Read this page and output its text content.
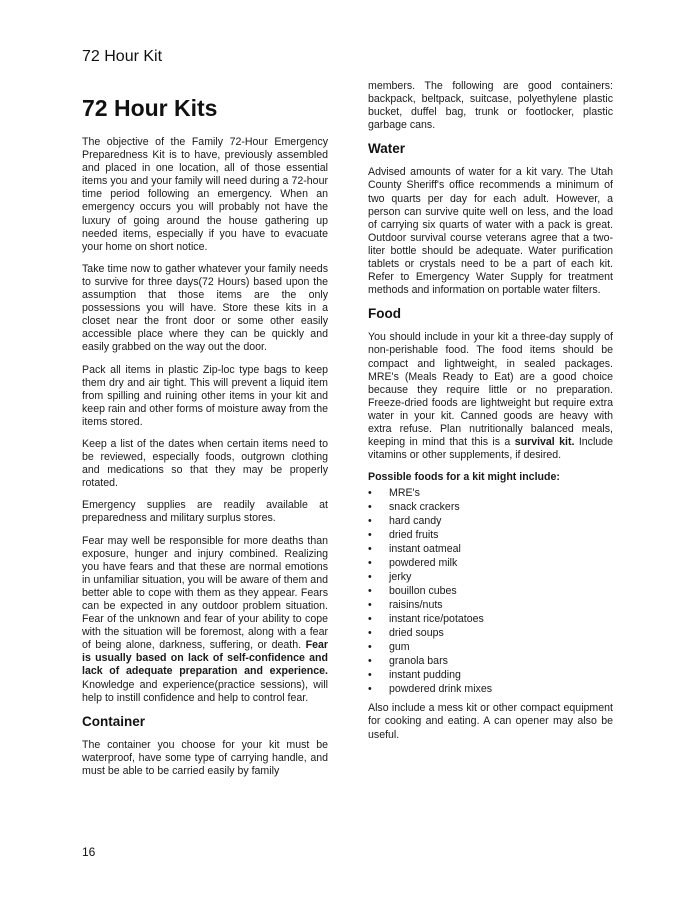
72 Hour Kit
72 Hour Kits

The objective of the Family 72-Hour Emergency Preparedness Kit is to have, previously assembled and placed in one location, all of those essential items you and your family will need during a 72-hour time period following an emergency. When an emergency occurs you will probably not have the luxury of going around the house gathering up needed items, especially if you have to evacuate your home on short notice.

Take time now to gather whatever your family needs to survive for three days(72 Hours) based upon the assumption that those items are the only possessions you will have. Store these kits in a closet near the front door or some other easily accessible place where they can be quickly and easily grabbed on the way out the door.

Pack all items in plastic Zip-loc type bags to keep them dry and air tight. This will prevent a liquid item from spilling and ruining other items in your kit and keep rain and other forms of moisture away from the items stored.

Keep a list of the dates when certain items need to be reviewed, especially foods, outgrown clothing and medications so that they may be properly rotated.

Emergency supplies are readily available at preparedness and military surplus stores.

Fear may well be responsible for more deaths than exposure, hunger and injury combined. Realizing you have fears and that these are normal emotions in unfamiliar situation, you will be aware of them and better able to cope with them as they appear. Fears can be expected in any outdoor problem situation. Fear of the unknown and fear of your ability to cope with the situation will be foremost, along with a fear of being alone, darkness, suffering, or death. Fear is usually based on lack of self-confidence and lack of adequate preparation and experience. Knowledge and experience(practice sessions), will help to instill confidence and help to control fear.

Container

The container you choose for your kit must be waterproof, have some type of carrying handle, and must be able to be carried easily by family

members. The following are good containers: backpack, beltpack, suitcase, polyethylene plastic bucket, duffel bag, trunk or footlocker, plastic garbage cans.

Water

Advised amounts of water for a kit vary. The Utah County Sheriff's office recommends a minimum of two quarts per day for each adult. However, a person can survive quite well on less, and the load of carrying six quarts of water with a pack is great. Outdoor survival course veterans agree that a two-liter bottle should be adequate. Water purification tablets or crystals need to be a part of each kit. Refer to Emergency Water Supply for treatment methods and information on portable water filters.

Food

You should include in your kit a three-day supply of non-perishable food. The food items should be compact and lightweight, in sealed packages. MRE's (Meals Ready to Eat) are a good choice because they require little or no preparation. Freeze-dried foods are lightweight but require extra water in your kit. Canned goods are heavy with extra refuse. Plan nutritionally balanced meals, keeping in mind that this is a survival kit. Include vitamins or other supplements, if desired.

Possible foods for a kit might include:
• MRE's
• snack crackers
• hard candy
• dried fruits
• instant oatmeal
• powdered milk
• jerky
• bouillon cubes
• raisins/nuts
• instant rice/potatoes
• dried soups
• gum
• granola bars
• instant pudding
• powdered drink mixes

Also include a mess kit or other compact equipment for cooking and eating. A can opener may also be useful.

16
